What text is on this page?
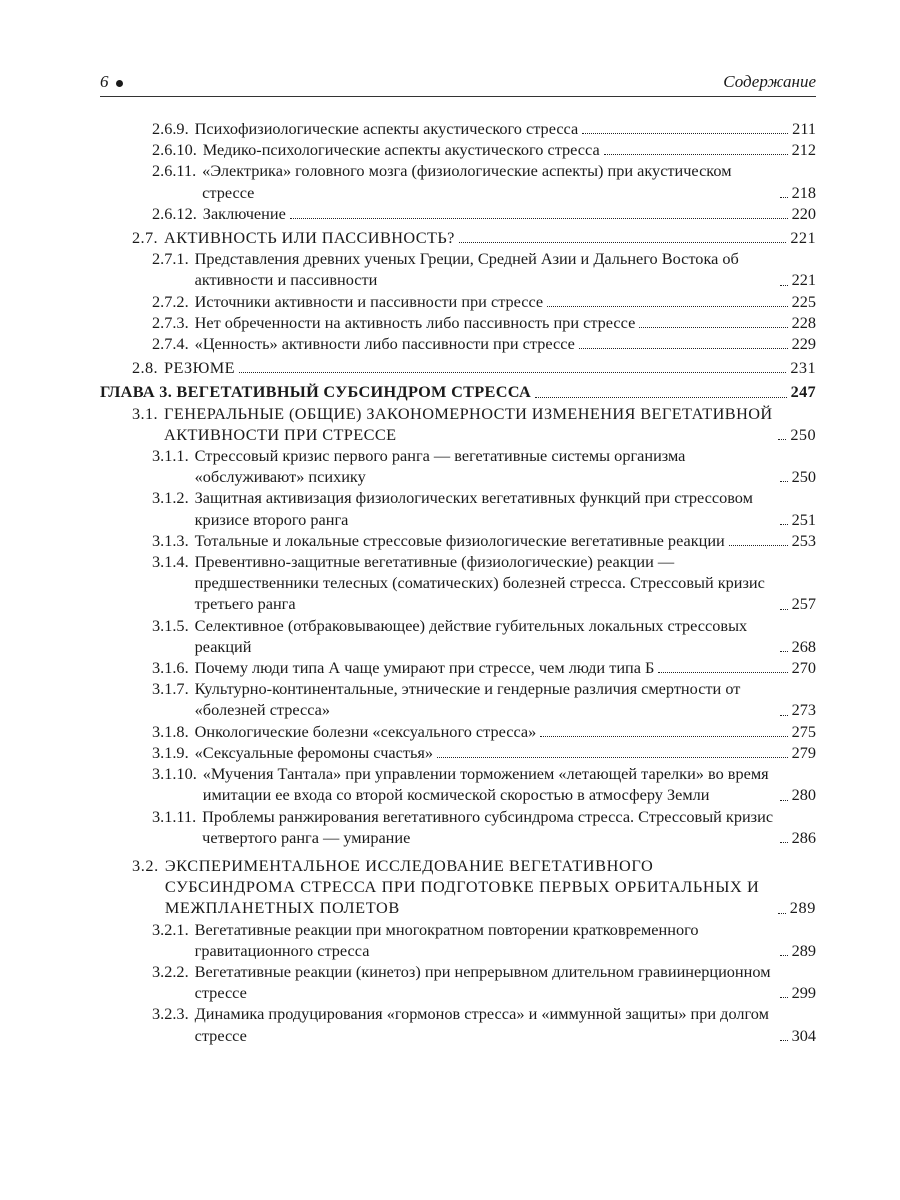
6	Содержание
2.6.9. Психофизиологические аспекты акустического стресса	211
2.6.10. Медико-психологические аспекты акустического стресса	212
2.6.11. «Электрика» головного мозга (физиологические аспекты) при акустическом стрессе	218
2.6.12. Заключение	220
2.7. АКТИВНОСТЬ ИЛИ ПАССИВНОСТЬ?	221
2.7.1. Представления древних ученых Греции, Средней Азии и Дальнего Востока об активности и пассивности	221
2.7.2. Источники активности и пассивности при стрессе	225
2.7.3. Нет обреченности на активность либо пассивность при стрессе	228
2.7.4. «Ценность» активности либо пассивности при стрессе	229
2.8. РЕЗЮМЕ	231
ГЛАВА 3. ВЕГЕТАТИВНЫЙ СУБСИНДРОМ СТРЕССА	247
3.1. ГЕНЕРАЛЬНЫЕ (ОБЩИЕ) ЗАКОНОМЕРНОСТИ ИЗМЕНЕНИЯ ВЕГЕТАТИВНОЙ АКТИВНОСТИ ПРИ СТРЕССЕ	250
3.1.1. Стрессовый кризис первого ранга — вегетативные системы организма «обслуживают» психику	250
3.1.2. Защитная активизация физиологических вегетативных функций при стрессовом кризисе второго ранга	251
3.1.3. Тотальные и локальные стрессовые физиологические вегетативные реакции	253
3.1.4. Превентивно-защитные вегетативные (физиологические) реакции — предшественники телесных (соматических) болезней стресса. Стрессовый кризис третьего ранга	257
3.1.5. Селективное (отбраковывающее) действие губительных локальных стрессовых реакций	268
3.1.6. Почему люди типа А чаще умирают при стрессе, чем люди типа Б	270
3.1.7. Культурно-континентальные, этнические и гендерные различия смертности от «болезней стресса»	273
3.1.8. Онкологические болезни «сексуального стресса»	275
3.1.9. «Сексуальные феромоны счастья»	279
3.1.10. «Мучения Тантала» при управлении торможением «летающей тарелки» во время имитации ее входа со второй космической скоростью в атмосферу Земли	280
3.1.11. Проблемы ранжирования вегетативного субсиндрома стресса. Стрессовый кризис четвертого ранга — умирание	286
3.2. ЭКСПЕРИМЕНТАЛЬНОЕ ИССЛЕДОВАНИЕ ВЕГЕТАТИВНОГО СУБСИНДРОМА СТРЕССА ПРИ ПОДГОТОВКЕ ПЕРВЫХ ОРБИТАЛЬНЫХ И МЕЖПЛАНЕТНЫХ ПОЛЕТОВ	289
3.2.1. Вегетативные реакции при многократном повторении кратковременного гравитационного стресса	289
3.2.2. Вегетативные реакции (кинетоз) при непрерывном длительном гравиинерционном стрессе	299
3.2.3. Динамика продуцирования «гормонов стресса» и «иммунной защиты» при долгом стрессе	304
